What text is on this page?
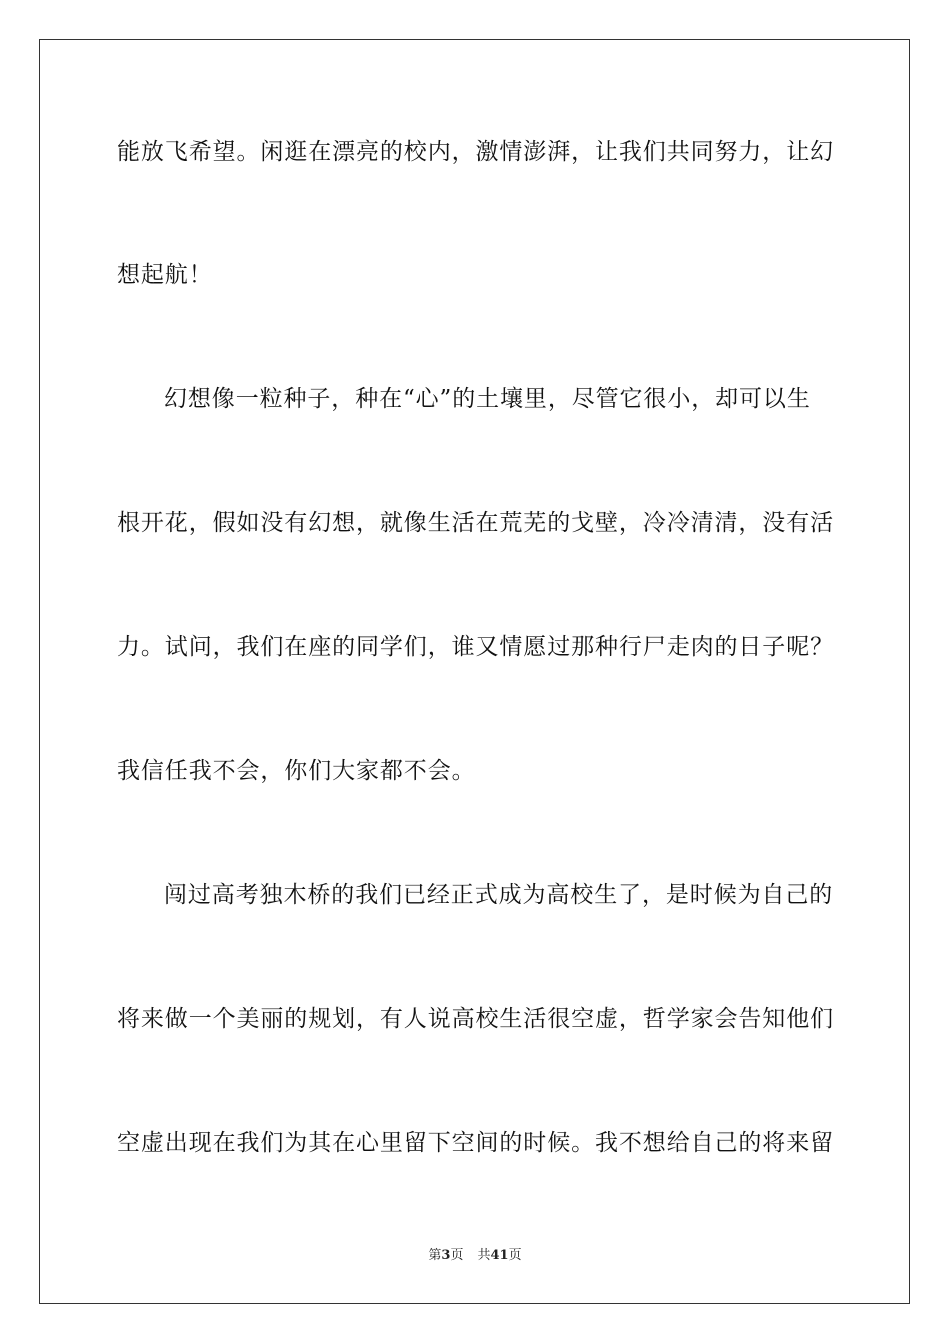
能放飞希望。闲逛在漂亮的校内，激情澎湃，让我们共同努力，让幻
想起航！
幻想像一粒种子，种在“心”的土壤里，尽管它很小，却可以生
根开花，假如没有幻想，就像生活在荒芜的戈壁，冷冷清清，没有活
力。试问，我们在座的同学们，谁又情愿过那种行尸走肉的日子呢？
我信任我不会，你们大家都不会。
闯过高考独木桥的我们已经正式成为高校生了，是时候为自己的
将来做一个美丽的规划，有人说高校生活很空虚，哲学家会告知他们
空虚出现在我们为其在心里留下空间的时候。我不想给自己的将来留
第3页 共41页
